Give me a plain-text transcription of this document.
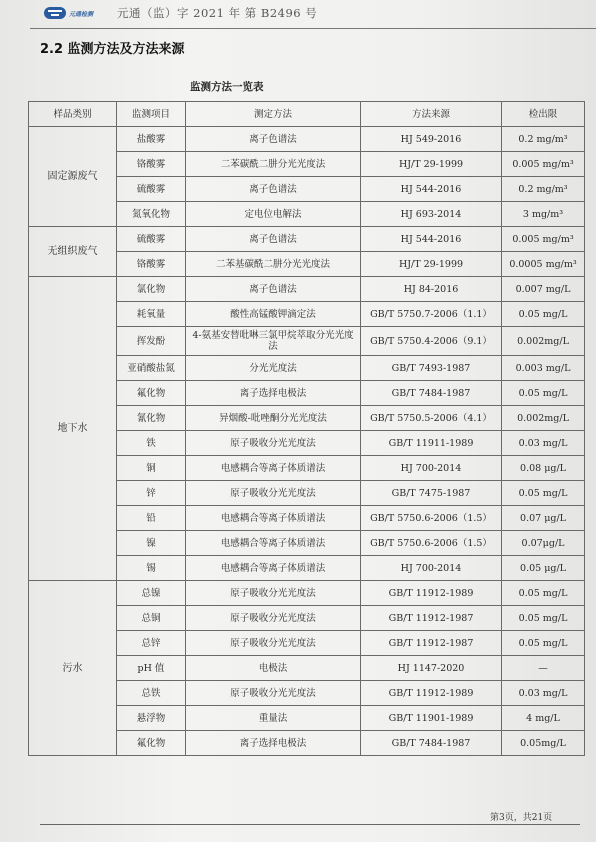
元通检测 元通（监）字 2021 年 第 B2496 号
2.2 监测方法及方法来源
监测方法一览表
样品类别	监测项目	测定方法	方法来源	检出限
固定源废气	盐酸雾	离子色谱法	HJ 549-2016	0.2 mg/m³
	铬酸雾	二苯碳酰二肼分光光度法	HJ/T 29-1999	0.005 mg/m³
	硫酸雾	离子色谱法	HJ 544-2016	0.2 mg/m³
	氮氧化物	定电位电解法	HJ 693-2014	3 mg/m³
无组织废气	硫酸雾	离子色谱法	HJ 544-2016	0.005 mg/m³
	铬酸雾	二苯基碳酰二肼分光光度法	HJ/T 29-1999	0.0005 mg/m³
地下水	氯化物	离子色谱法	HJ 84-2016	0.007 mg/L
	耗氧量	酸性高锰酸钾滴定法	GB/T 5750.7-2006（1.1）	0.05 mg/L
	挥发酚	4-氨基安替吡啉三氯甲烷萃取分光光度法	GB/T 5750.4-2006（9.1）	0.002mg/L
	亚硝酸盐氮	分光光度法	GB/T 7493-1987	0.003 mg/L
	氟化物	离子选择电极法	GB/T 7484-1987	0.05 mg/L
	氰化物	异烟酸-吡唑酮分光光度法	GB/T 5750.5-2006（4.1）	0.002mg/L
	铁	原子吸收分光光度法	GB/T 11911-1989	0.03 mg/L
	铜	电感耦合等离子体质谱法	HJ 700-2014	0.08 μg/L
	锌	原子吸收分光光度法	GB/T 7475-1987	0.05 mg/L
	铅	电感耦合等离子体质谱法	GB/T 5750.6-2006（1.5）	0.07 μg/L
	镍	电感耦合等离子体质谱法	GB/T 5750.6-2006（1.5）	0.07μg/L
	锡	电感耦合等离子体质谱法	HJ 700-2014	0.05 μg/L
污水	总镍	原子吸收分光光度法	GB/T 11912-1989	0.05 mg/L
	总铜	原子吸收分光光度法	GB/T 11912-1987	0.05 mg/L
	总锌	原子吸收分光光度法	GB/T 11912-1987	0.05 mg/L
	pH 值	电极法	HJ 1147-2020	—
	总铁	原子吸收分光光度法	GB/T 11912-1989	0.03 mg/L
	悬浮物	重量法	GB/T 11901-1989	4 mg/L
	氟化物	离子选择电极法	GB/T 7484-1987	0.05mg/L
第3页，共21页
